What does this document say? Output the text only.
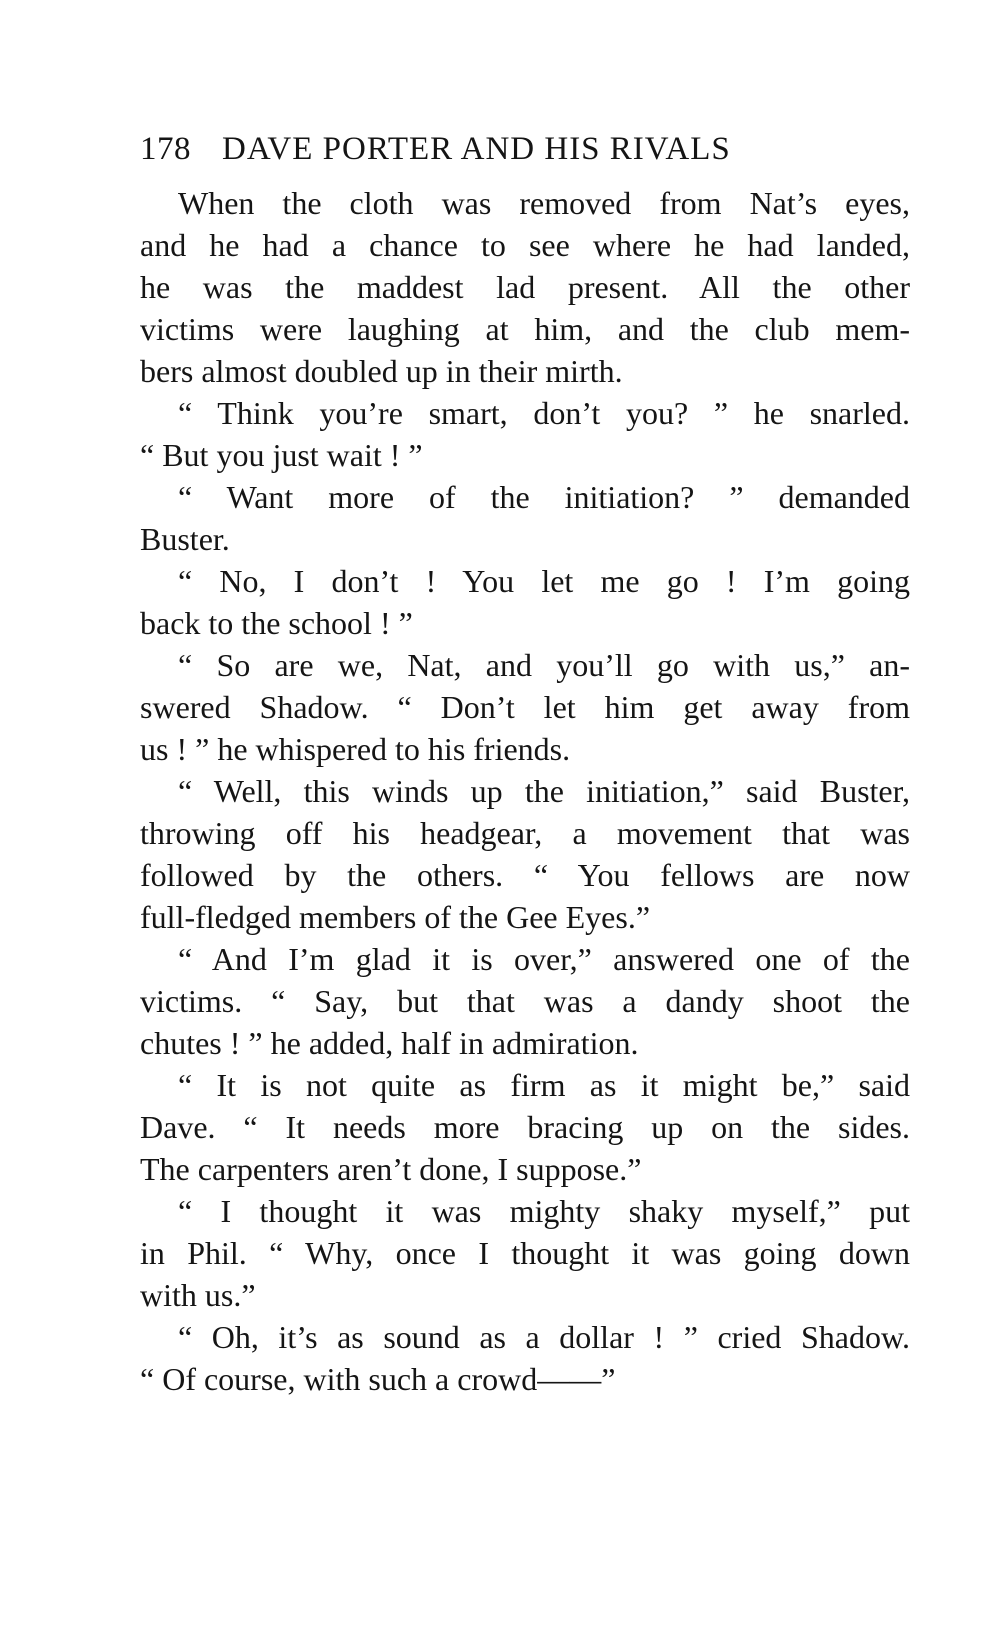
178 DAVE PORTER AND HIS RIVALS
When the cloth was removed from Nat’s eyes,
and he had a chance to see where he had landed,
he was the maddest lad present. All the other
victims were laughing at him, and the club mem-
bers almost doubled up in their mirth.
“ Think you’re smart, don’t you? ” he snarled.
“ But you just wait ! ”
“ Want more of the initiation? ” demanded
Buster.
“ No, I don’t ! You let me go ! I’m going
back to the school ! ”
“ So are we, Nat, and you’ll go with us,” an-
swered Shadow. “ Don’t let him get away from
us ! ” he whispered to his friends.
“ Well, this winds up the initiation,” said Buster,
throwing off his headgear, a movement that was
followed by the others. “ You fellows are now
full-fledged members of the Gee Eyes.”
“ And I’m glad it is over,” answered one of the
victims. “ Say, but that was a dandy shoot the
chutes ! ” he added, half in admiration.
“ It is not quite as firm as it might be,” said
Dave. “ It needs more bracing up on the sides.
The carpenters aren’t done, I suppose.”
“ I thought it was mighty shaky myself,” put
in Phil. “ Why, once I thought it was going down
with us.”
“ Oh, it’s as sound as a dollar ! ” cried Shadow.
“ Of course, with such a crowd——”
